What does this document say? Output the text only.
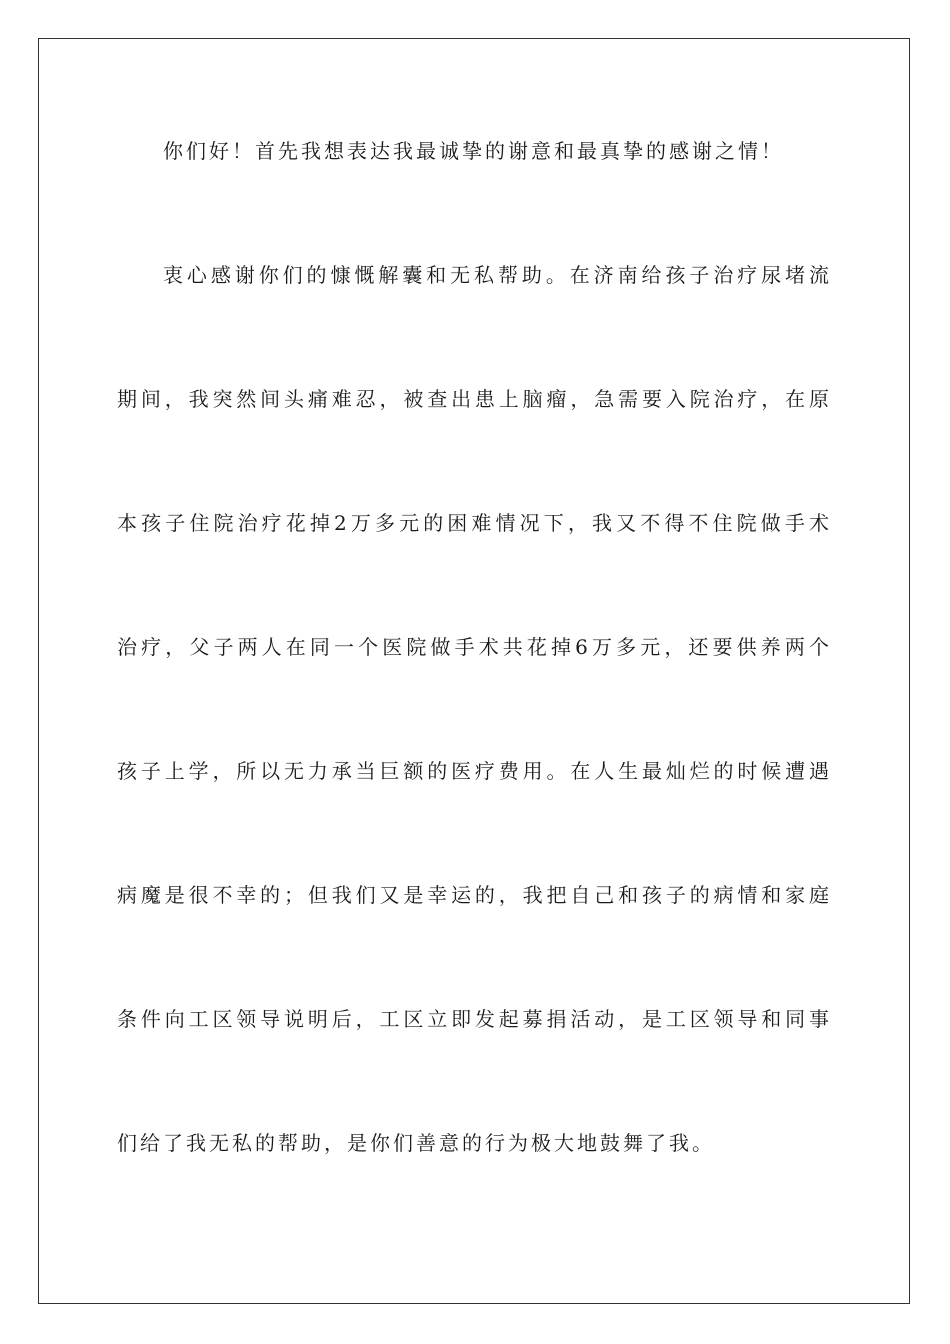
你们好！首先我想表达我最诚挚的谢意和最真挚的感谢之情！

衷心感谢你们的慷慨解囊和无私帮助。在济南给孩子治疗尿堵流

期间，我突然间头痛难忍，被查出患上脑瘤，急需要入院治疗，在原

本孩子住院治疗花掉2万多元的困难情况下，我又不得不住院做手术

治疗，父子两人在同一个医院做手术共花掉6万多元，还要供养两个

孩子上学，所以无力承当巨额的医疗费用。在人生最灿烂的时候遭遇

病魔是很不幸的；但我们又是幸运的，我把自己和孩子的病情和家庭

条件向工区领导说明后，工区立即发起募捐活动，是工区领导和同事

们给了我无私的帮助，是你们善意的行为极大地鼓舞了我。
